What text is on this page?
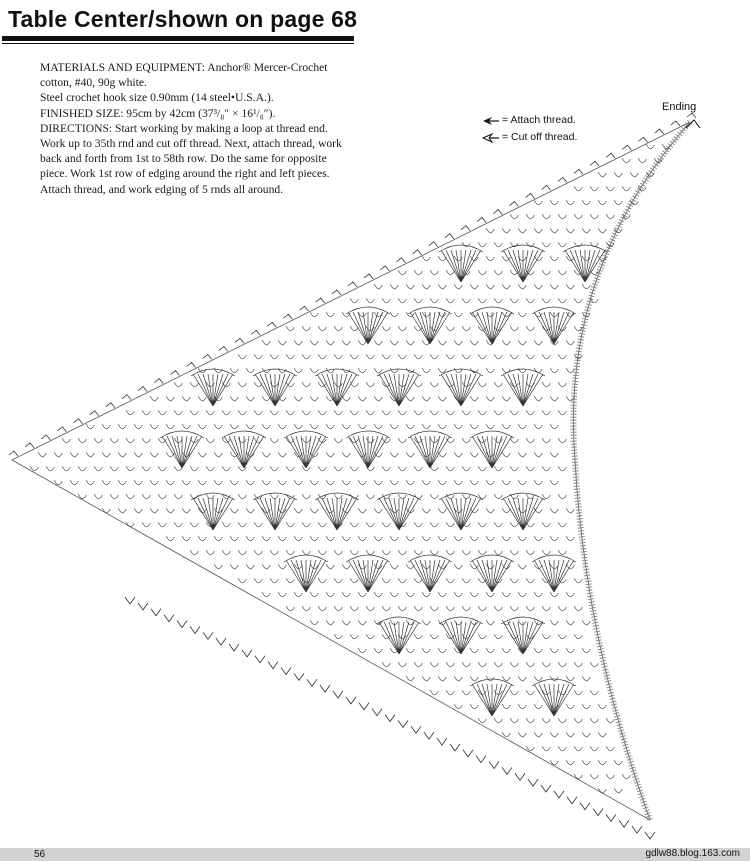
Table Center/shown on page 68

MATERIALS AND EQUIPMENT: Anchor® Mercer-Crochet cotton, #40, 90g white.

Steel crochet hook size 0.90mm (14 steel•U.S.A.).

FINISHED SIZE: 95cm by 42cm (37³/₈″ × 16¹/₈″).

DIRECTIONS: Start working by making a loop at thread end. Work up to 35th rnd and cut off thread. Next, attach thread, work back and forth from 1st to 58th row. Do the same for opposite piece. Work 1st row of edging around the right and left pieces. Attach thread, and work edging of 5 rnds all around.

= Attach thread.
= Cut off thread.
Ending
56	gdlw88.blog.163.com
